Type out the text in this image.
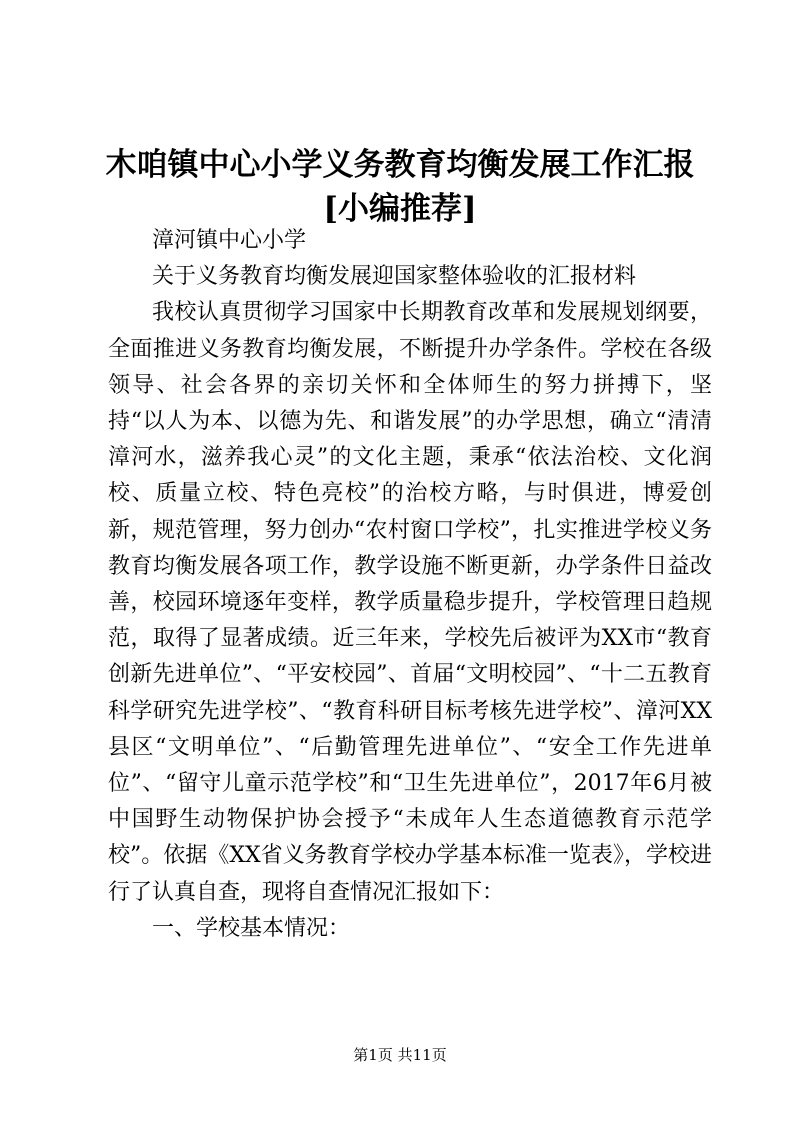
木咱镇中心小学义务教育均衡发展工作汇报
[小编推荐]

漳河镇中心小学

关于义务教育均衡发展迎国家整体验收的汇报材料

我校认真贯彻学习国家中长期教育改革和发展规划纲要，全面推进义务教育均衡发展，不断提升办学条件。学校在各级领导、社会各界的亲切关怀和全体师生的努力拼搏下，坚持“以人为本、以德为先、和谐发展”的办学思想，确立“清清漳河水，滋养我心灵”的文化主题，秉承“依法治校、文化润校、质量立校、特色亮校”的治校方略，与时俱进，博爱创新，规范管理，努力创办“农村窗口学校”，扎实推进学校义务教育均衡发展各项工作，教学设施不断更新，办学条件日益改善，校园环境逐年变样，教学质量稳步提升，学校管理日趋规范，取得了显著成绩。近三年来，学校先后被评为XX市“教育创新先进单位”、“平安校园”、首届“文明校园”、“十二五教育科学研究先进学校”、“教育科研目标考核先进学校”、漳河XX县区“文明单位”、“后勤管理先进单位”、“安全工作先进单位”、“留守儿童示范学校”和“卫生先进单位”，2017年6月被中国野生动物保护协会授予“未成年人生态道德教育示范学校”。依据《XX省义务教育学校办学基本标准一览表》，学校进行了认真自查，现将自查情况汇报如下：

一、学校基本情况：

第1页 共11页
